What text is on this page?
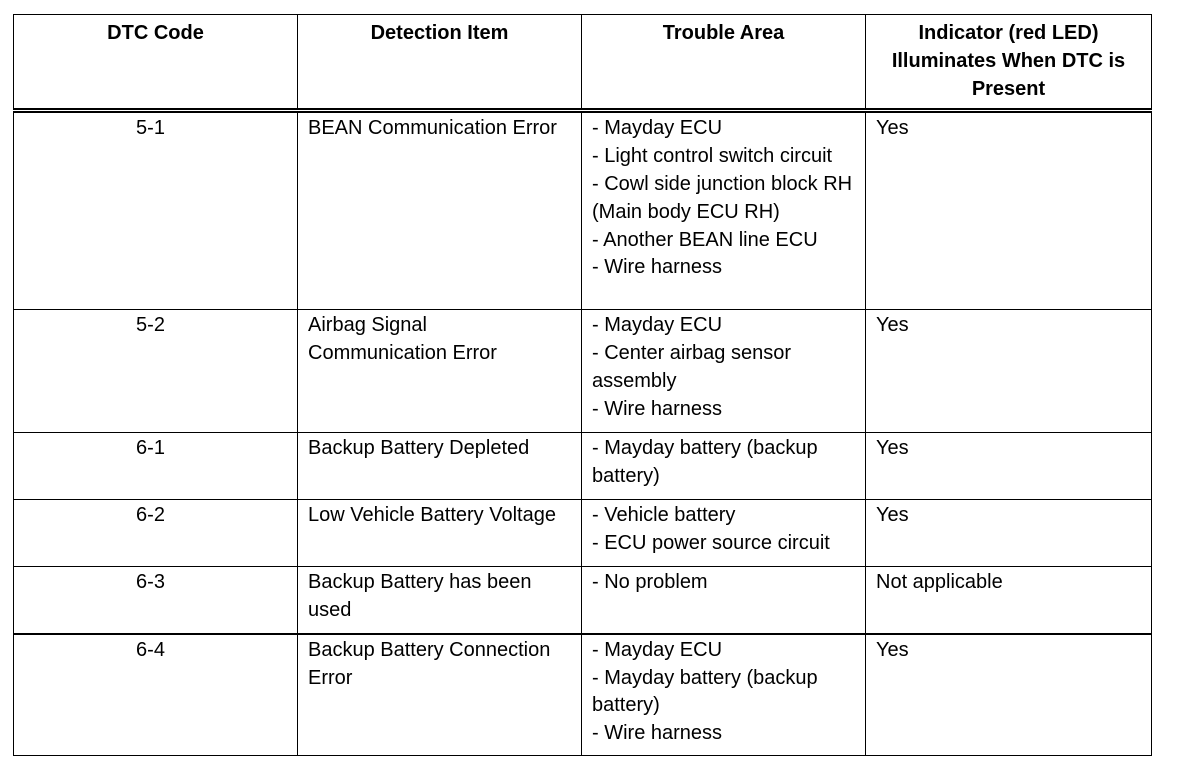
DTC Code	Detection Item	Trouble Area	Indicator (red LED) Illuminates When DTC is Present
5-1	BEAN Communication Error	- Mayday ECU
- Light control switch circuit
- Cowl side junction block RH (Main body ECU RH)
- Another BEAN line ECU
- Wire harness	Yes
5-2	Airbag Signal Communication Error	- Mayday ECU
- Center airbag sensor assembly
- Wire harness	Yes
6-1	Backup Battery Depleted	- Mayday battery (backup battery)	Yes
6-2	Low Vehicle Battery Voltage	- Vehicle battery
- ECU power source circuit	Yes
6-3	Backup Battery has been used	- No problem	Not applicable
6-4	Backup Battery Connection Error	- Mayday ECU
- Mayday battery (backup battery)
- Wire harness	Yes
